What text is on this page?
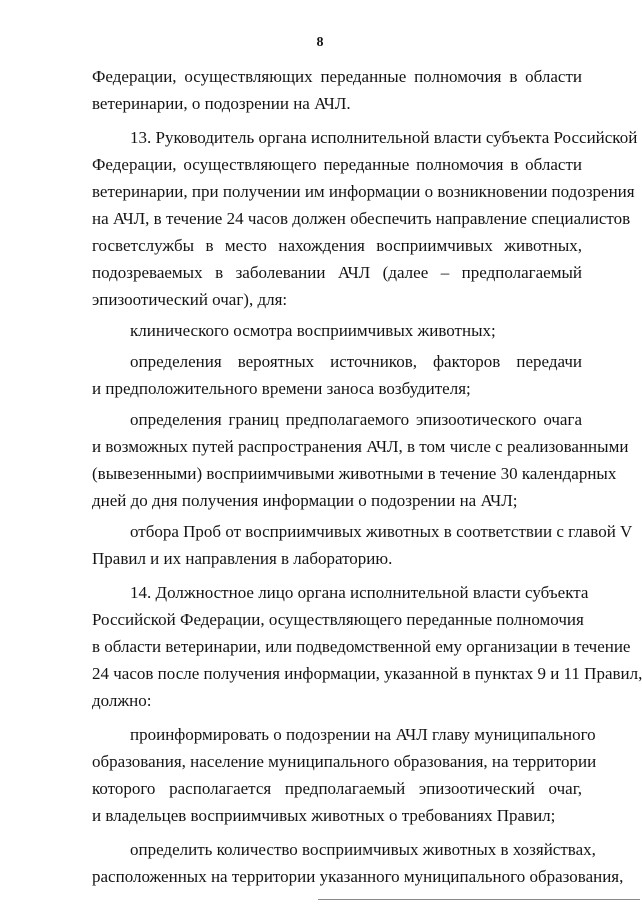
8
Федерации, осуществляющих переданные полномочия в области
ветеринарии, о подозрении на АЧЛ.
13. Руководитель органа исполнительной власти субъекта Российской
Федерации, осуществляющего переданные полномочия в области
ветеринарии, при получении им информации о возникновении подозрения
на АЧЛ, в течение 24 часов должен обеспечить направление специалистов
госветслужбы в место нахождения восприимчивых животных,
подозреваемых в заболевании АЧЛ (далее – предполагаемый
эпизоотический очаг), для:
клинического осмотра восприимчивых животных;
определения вероятных источников, факторов передачи
и предположительного времени заноса возбудителя;
определения границ предполагаемого эпизоотического очага
и возможных путей распространения АЧЛ, в том числе с реализованными
(вывезенными) восприимчивыми животными в течение 30 календарных
дней до дня получения информации о подозрении на АЧЛ;
отбора Проб от восприимчивых животных в соответствии с главой V
Правил и их направления в лабораторию.
14. Должностное лицо органа исполнительной власти субъекта
Российской Федерации, осуществляющего переданные полномочия
в области ветеринарии, или подведомственной ему организации в течение
24 часов после получения информации, указанной в пунктах 9 и 11 Правил,
должно:
проинформировать о подозрении на АЧЛ главу муниципального
образования, население муниципального образования, на территории
которого располагается предполагаемый эпизоотический очаг,
и владельцев восприимчивых животных о требованиях Правил;
определить количество восприимчивых животных в хозяйствах,
расположенных на территории указанного муниципального образования,
